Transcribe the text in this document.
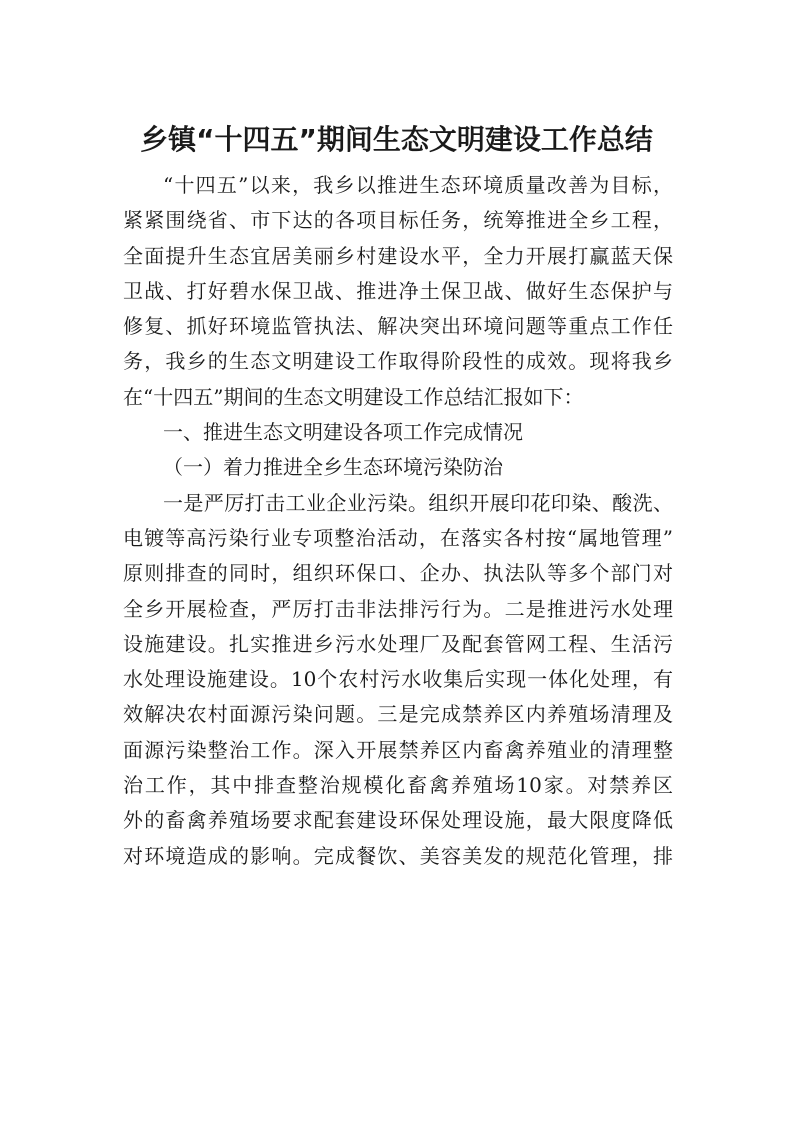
乡镇“十四五”期间生态文明建设工作总结
“十四五”以来，我乡以推进生态环境质量改善为目标，
紧紧围绕省、市下达的各项目标任务，统筹推进全乡工程，
全面提升生态宜居美丽乡村建设水平，全力开展打赢蓝天保
卫战、打好碧水保卫战、推进净土保卫战、做好生态保护与
修复、抓好环境监管执法、解决突出环境问题等重点工作任
务，我乡的生态文明建设工作取得阶段性的成效。现将我乡
在“十四五”期间的生态文明建设工作总结汇报如下：
一、推进生态文明建设各项工作完成情况
（一）着力推进全乡生态环境污染防治
一是严厉打击工业企业污染。组织开展印花印染、酸洗、
电镀等高污染行业专项整治活动，在落实各村按“属地管理”
原则排查的同时，组织环保口、企办、执法队等多个部门对
全乡开展检查，严厉打击非法排污行为。二是推进污水处理
设施建设。扎实推进乡污水处理厂及配套管网工程、生活污
水处理设施建设。10个农村污水收集后实现一体化处理，有
效解决农村面源污染问题。三是完成禁养区内养殖场清理及
面源污染整治工作。深入开展禁养区内畜禽养殖业的清理整
治工作，其中排查整治规模化畜禽养殖场10家。对禁养区
外的畜禽养殖场要求配套建设环保处理设施，最大限度降低
对环境造成的影响。完成餐饮、美容美发的规范化管理，排
